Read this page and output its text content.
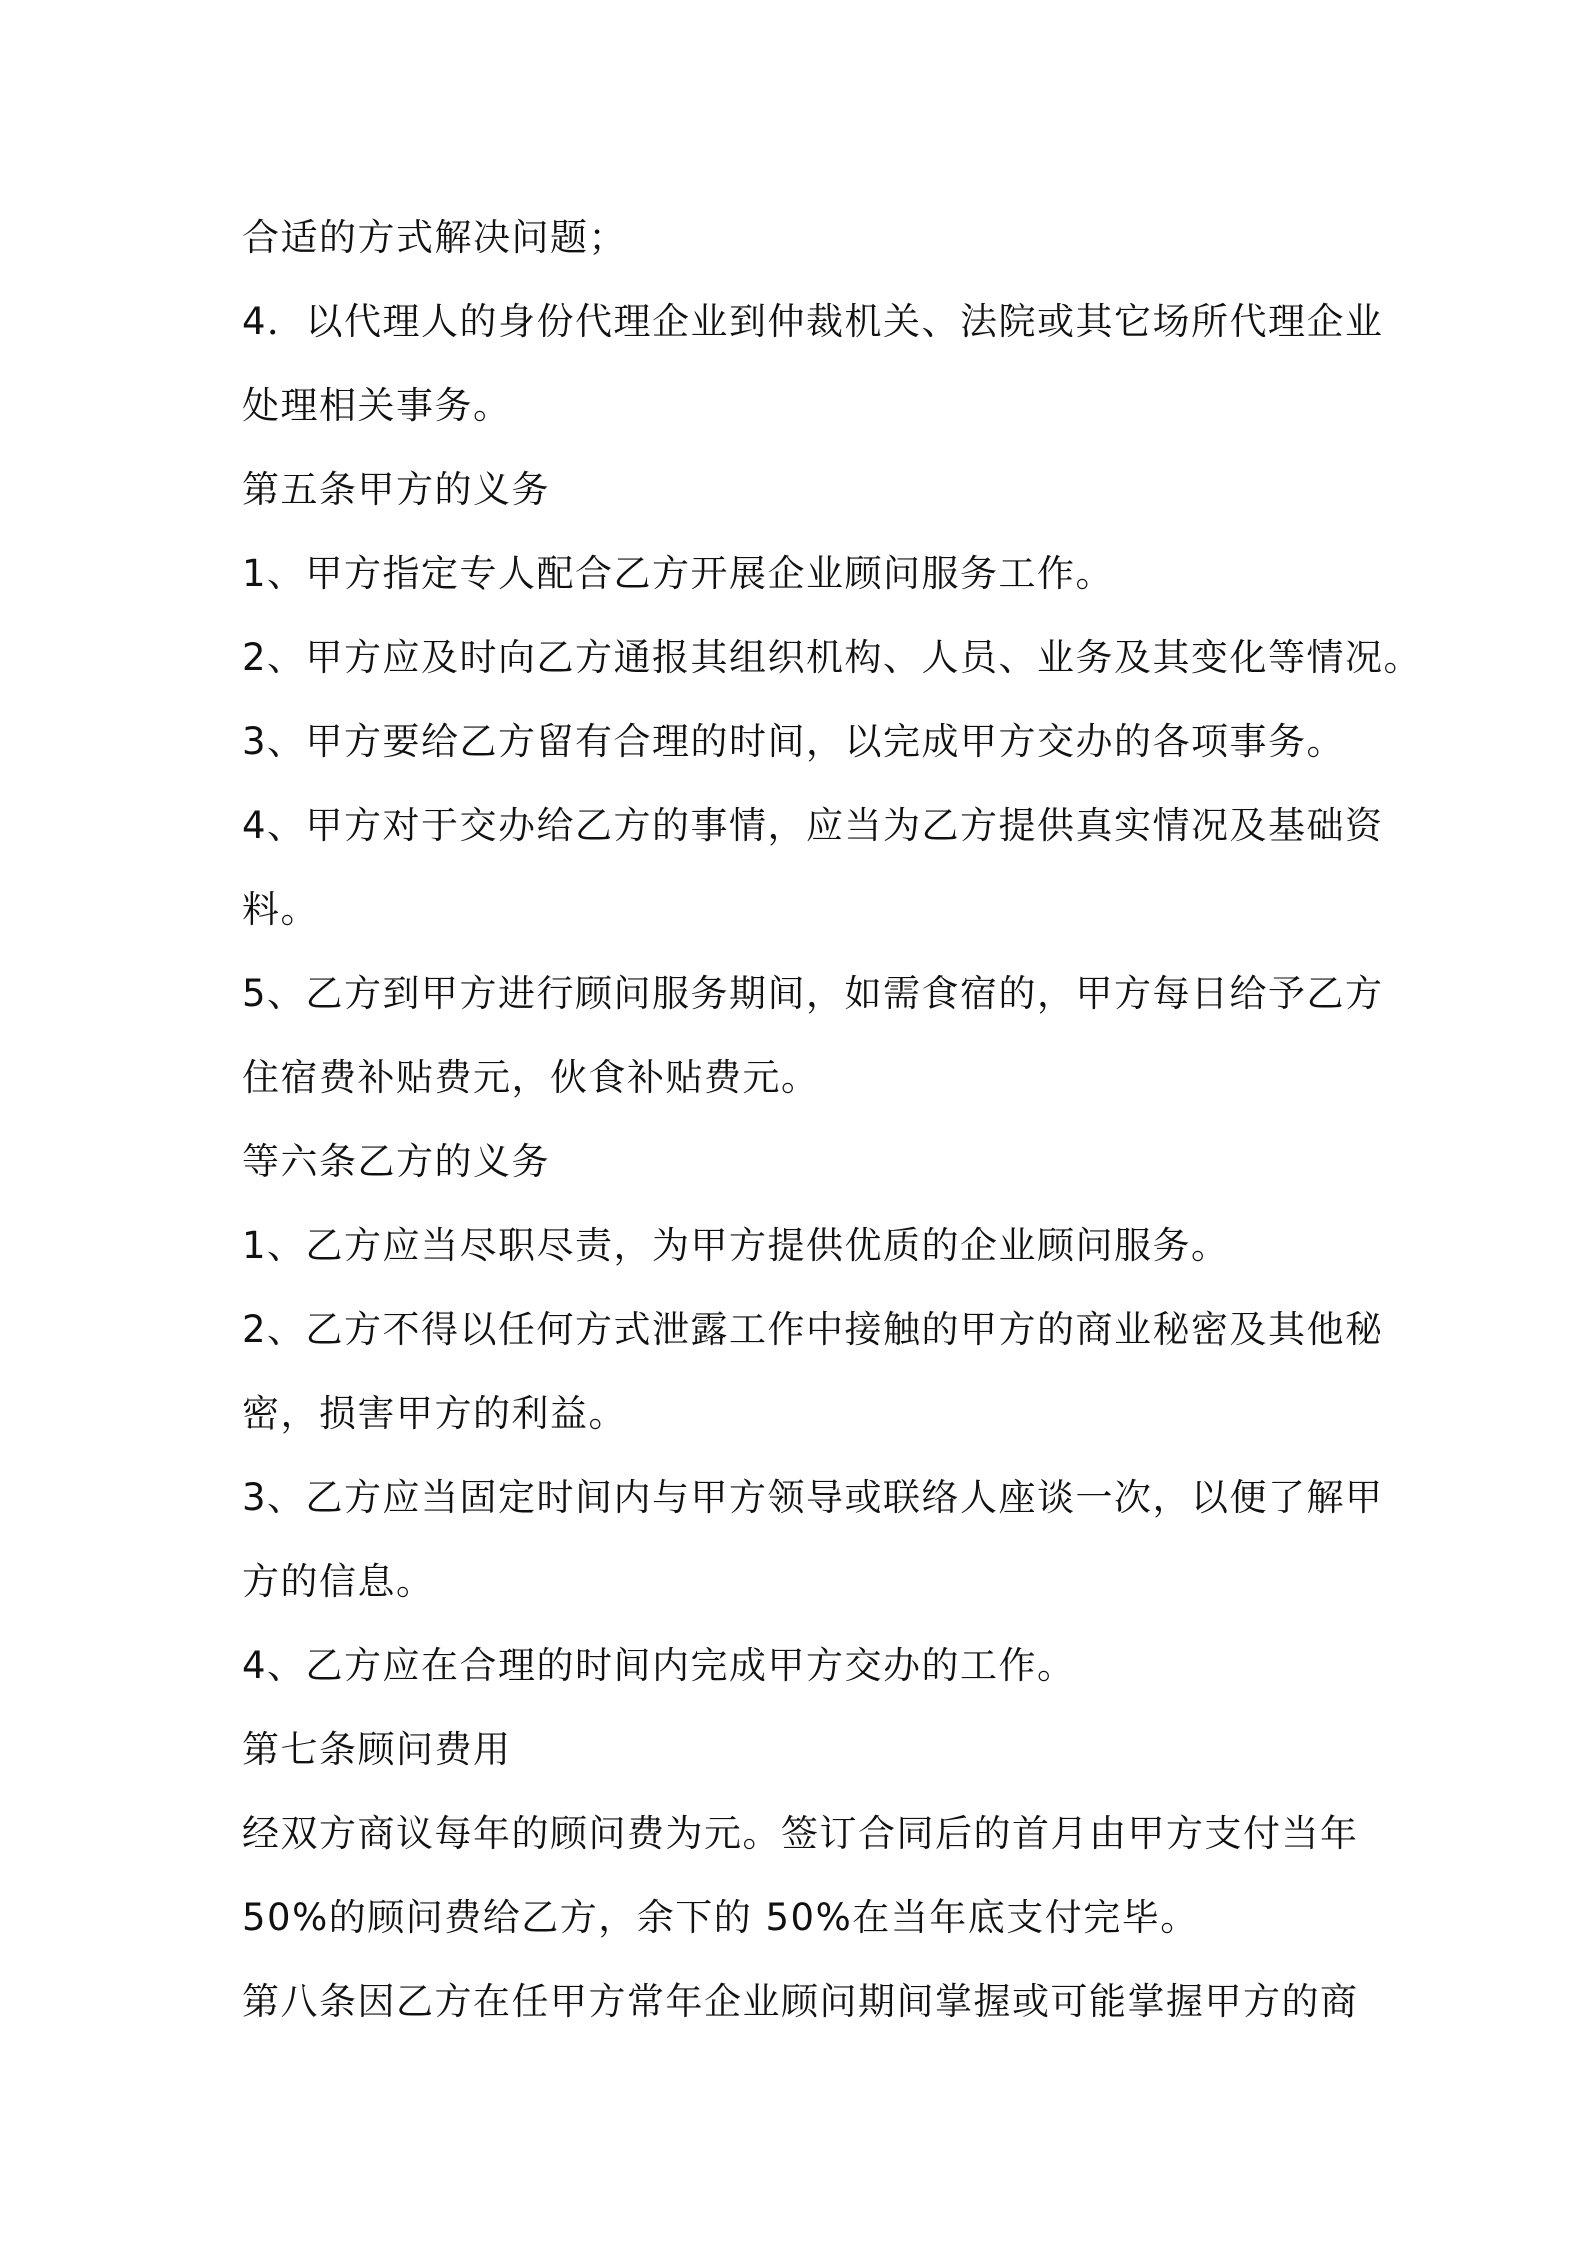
合适的方式解决问题；
4．以代理人的身份代理企业到仲裁机关、法院或其它场所代理企业
处理相关事务。
第五条甲方的义务
1、甲方指定专人配合乙方开展企业顾问服务工作。
2、甲方应及时向乙方通报其组织机构、人员、业务及其变化等情况。
3、甲方要给乙方留有合理的时间，以完成甲方交办的各项事务。
4、甲方对于交办给乙方的事情，应当为乙方提供真实情况及基础资
料。
5、乙方到甲方进行顾问服务期间，如需食宿的，甲方每日给予乙方
住宿费补贴费元，伙食补贴费元。
等六条乙方的义务
1、乙方应当尽职尽责，为甲方提供优质的企业顾问服务。
2、乙方不得以任何方式泄露工作中接触的甲方的商业秘密及其他秘
密，损害甲方的利益。
3、乙方应当固定时间内与甲方领导或联络人座谈一次，以便了解甲
方的信息。
4、乙方应在合理的时间内完成甲方交办的工作。
第七条顾问费用
经双方商议每年的顾问费为元。签订合同后的首月由甲方支付当年
50%的顾问费给乙方，余下的 50%在当年底支付完毕。
第八条因乙方在任甲方常年企业顾问期间掌握或可能掌握甲方的商
